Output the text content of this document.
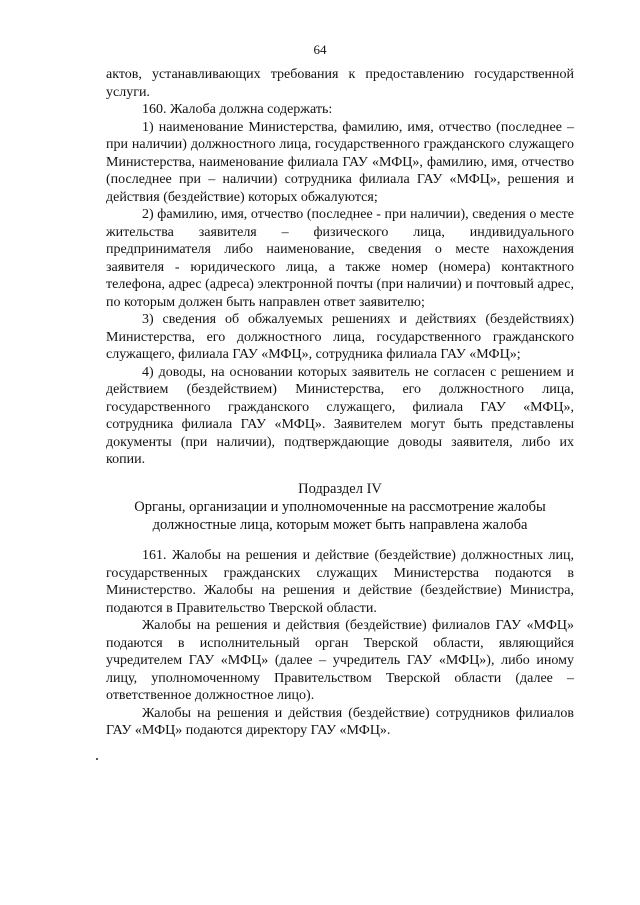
64

актов, устанавливающих требования к предоставлению государственной услуги.

160. Жалоба должна содержать:

1) наименование Министерства, фамилию, имя, отчество (последнее – при наличии) должностного лица, государственного гражданского служащего Министерства, наименование филиала ГАУ «МФЦ», фамилию, имя, отчество (последнее при – наличии) сотрудника филиала ГАУ «МФЦ», решения и действия (бездействие) которых обжалуются;

2) фамилию, имя, отчество (последнее - при наличии), сведения о месте жительства заявителя – физического лица, индивидуального предпринимателя либо наименование, сведения о месте нахождения заявителя - юридического лица, а также номер (номера) контактного телефона, адрес (адреса) электронной почты (при наличии) и почтовый адрес, по которым должен быть направлен ответ заявителю;

3) сведения об обжалуемых решениях и действиях (бездействиях) Министерства, его должностного лица, государственного гражданского служащего, филиала ГАУ «МФЦ», сотрудника филиала ГАУ «МФЦ»;

4) доводы, на основании которых заявитель не согласен с решением и действием (бездействием) Министерства, его должностного лица, государственного гражданского служащего, филиала ГАУ «МФЦ», сотрудника филиала ГАУ «МФЦ». Заявителем могут быть представлены документы (при наличии), подтверждающие доводы заявителя, либо их копии.

Подраздел IV
Органы, организации и уполномоченные на рассмотрение жалобы
должностные лица, которым может быть направлена жалоба

161. Жалобы на решения и действие (бездействие) должностных лиц, государственных гражданских служащих Министерства подаются в Министерство. Жалобы на решения и действие (бездействие) Министра, подаются в Правительство Тверской области.

Жалобы на решения и действия (бездействие) филиалов ГАУ «МФЦ» подаются в исполнительный орган Тверской области, являющийся учредителем ГАУ «МФЦ» (далее – учредитель ГАУ «МФЦ»), либо иному лицу, уполномоченному Правительством Тверской области (далее – ответственное должностное лицо).

Жалобы на решения и действия (бездействие) сотрудников филиалов ГАУ «МФЦ» подаются директору ГАУ «МФЦ».
